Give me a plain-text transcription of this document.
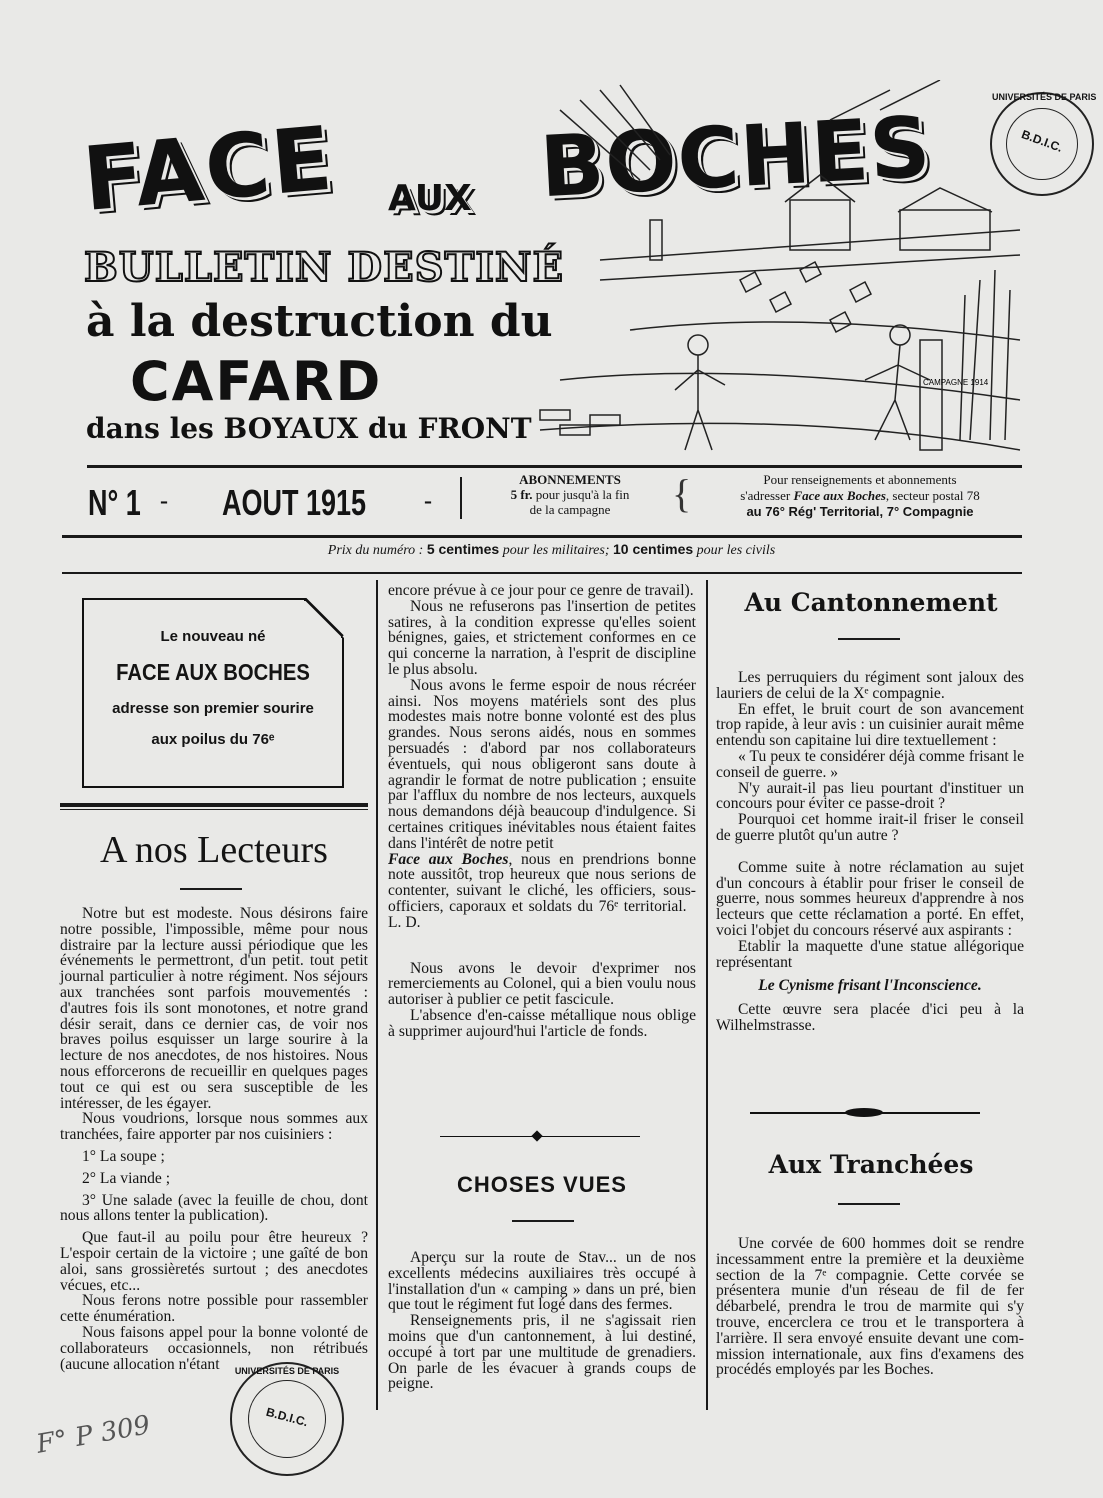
FACE AUX BOCHES
BULLETIN DESTINÉ
à la destruction du
CAFARD
dans les BOYAUX du FRONT
CAMPAGNE 1914
UNIVERSITÉS DE PARIS
B.D.I.C.
N° 1 - AOUT 1915 -
ABONNEMENTS
5 fr. pour jusqu'à la fin
de la campagne	{	Pour renseignements et abonnements
s'adresser Face aux Boches, secteur postal 78
au 76° Rég' Territorial, 7° Compagnie
Prix du numéro : 5 centimes pour les militaires; 10 centimes pour les civils
Le nouveau né
FACE AUX BOCHES
adresse son premier sourire
aux poilus du 76ᵉ
A nos Lecteurs

Notre but est modeste. Nous désirons faire notre possible, l'impossible, même pour nous distraire par la lecture aussi périodique que les événements le permettront, d'un petit. tout petit journal particulier à notre régiment. Nos séjours aux tranchées sont parfois mouvementés : d'autres fois ils sont monotones, et notre grand désir serait, dans ce dernier cas, de voir nos braves poilus esquisser un large sourire à la lecture de nos anecdotes, de nos histoires. Nous nous efforcerons de recueillir en quelques pages tout ce qui est ou sera susceptible de les intéresser, de les égayer.

Nous voudrions, lorsque nous sommes aux tranchées, faire apporter par nos cuisiniers :

1° La soupe ;

2° La viande ;

3° Une salade (avec la feuille de chou, dont nous allons tenter la publication).

Que faut-il au poilu pour être heureux ? L'espoir certain de la victoire ; une gaîté de bon aloi, sans grossièretés surtout ; des anecdotes vécues, etc...

Nous ferons notre possible pour rassembler cette énumération.

Nous faisons appel pour la bonne volonté de collaborateurs occasionnels, non rétribués (aucune allocation n'étant	UNIVERSITÉS DE PARIS
B.D.I.C.
F° P 309

encore prévue à ce jour pour ce genre de travail).

Nous ne refuserons pas l'insertion de petites satires, à la condition expresse qu'elles soient bénignes, gaies, et strictement conformes en ce qui concerne la narration, à l'esprit de discipline le plus absolu.

Nous avons le ferme espoir de nous récréer ainsi. Nos moyens matériels sont des plus modestes mais notre bonne volonté est des plus grandes. Nous serons aidés, nous en sommes persuadés : d'abord par nos collaborateurs éventuels, qui nous obligeront sans doute à agrandir le format de notre publication ; ensuite par l'afflux du nombre de nos lecteurs, auxquels nous demandons déjà beaucoup d'indulgence. Si certaines critiques inévitables nous étaient faites dans l'intérêt de notre petit

Face aux Boches, nous en prendrions bonne note aussitôt, trop heureux que nous serions de contenter, suivant le cliché, les officiers, sous-officiers, caporaux et soldats du 76ᵉ territorial.   L. D.

Nous avons le devoir d'exprimer nos remerciements au Colonel, qui a bien voulu nous autoriser à publier ce petit fascicule.

L'absence d'en-caisse métallique nous oblige à supprimer aujourd'hui l'article de fonds.

CHOSES VUES

Aperçu sur la route de Stav... un de nos excellents médecins auxiliaires très occupé à l'installation d'un « camping » dans un pré, bien que tout le régiment fut logé dans des fermes.

Renseignements pris, il ne s'agissait rien moins que d'un cantonnement, à lui destiné, occupé à tort par une multitude de grenadiers. On parle de les évacuer à grands coups de peigne.

Au Cantonnement

Les perruquiers du régiment sont jaloux des lauriers de celui de la Xᵉ compagnie.

En effet, le bruit court de son avancement trop rapide, à leur avis : un cuisinier aurait même entendu son capitaine lui dire textuellement :

« Tu peux te considérer déjà comme frisant le conseil de guerre. »

N'y aurait-il pas lieu pourtant d'instituer un concours pour éviter ce passe-droit ?

Pourquoi cet homme irait-il friser le conseil de guerre plutôt qu'un autre ?

Comme suite à notre réclamation au sujet d'un concours à établir pour friser le conseil de guerre, nous sommes heureux d'apprendre à nos lecteurs que cette réclamation a porté. En effet, voici l'objet du concours réservé aux aspirants :

Etablir la maquette d'une statue allégorique représentant

Le Cynisme frisant l'Inconscience.

Cette œuvre sera placée d'ici peu à la Wilhelmstrasse.

Aux Tranchées

Une corvée de 600 hommes doit se rendre incessamment entre la première et la deuxième section de la 7ᵉ compagnie. Cette corvée se présentera munie d'un réseau de fil de fer débarbelé, prendra le trou de marmite qui s'y trouve, encerclera ce trou et le transportera à l'arrière. Il sera envoyé ensuite devant une commission internationale, aux fins d'examens des procédés employés par les Boches.
